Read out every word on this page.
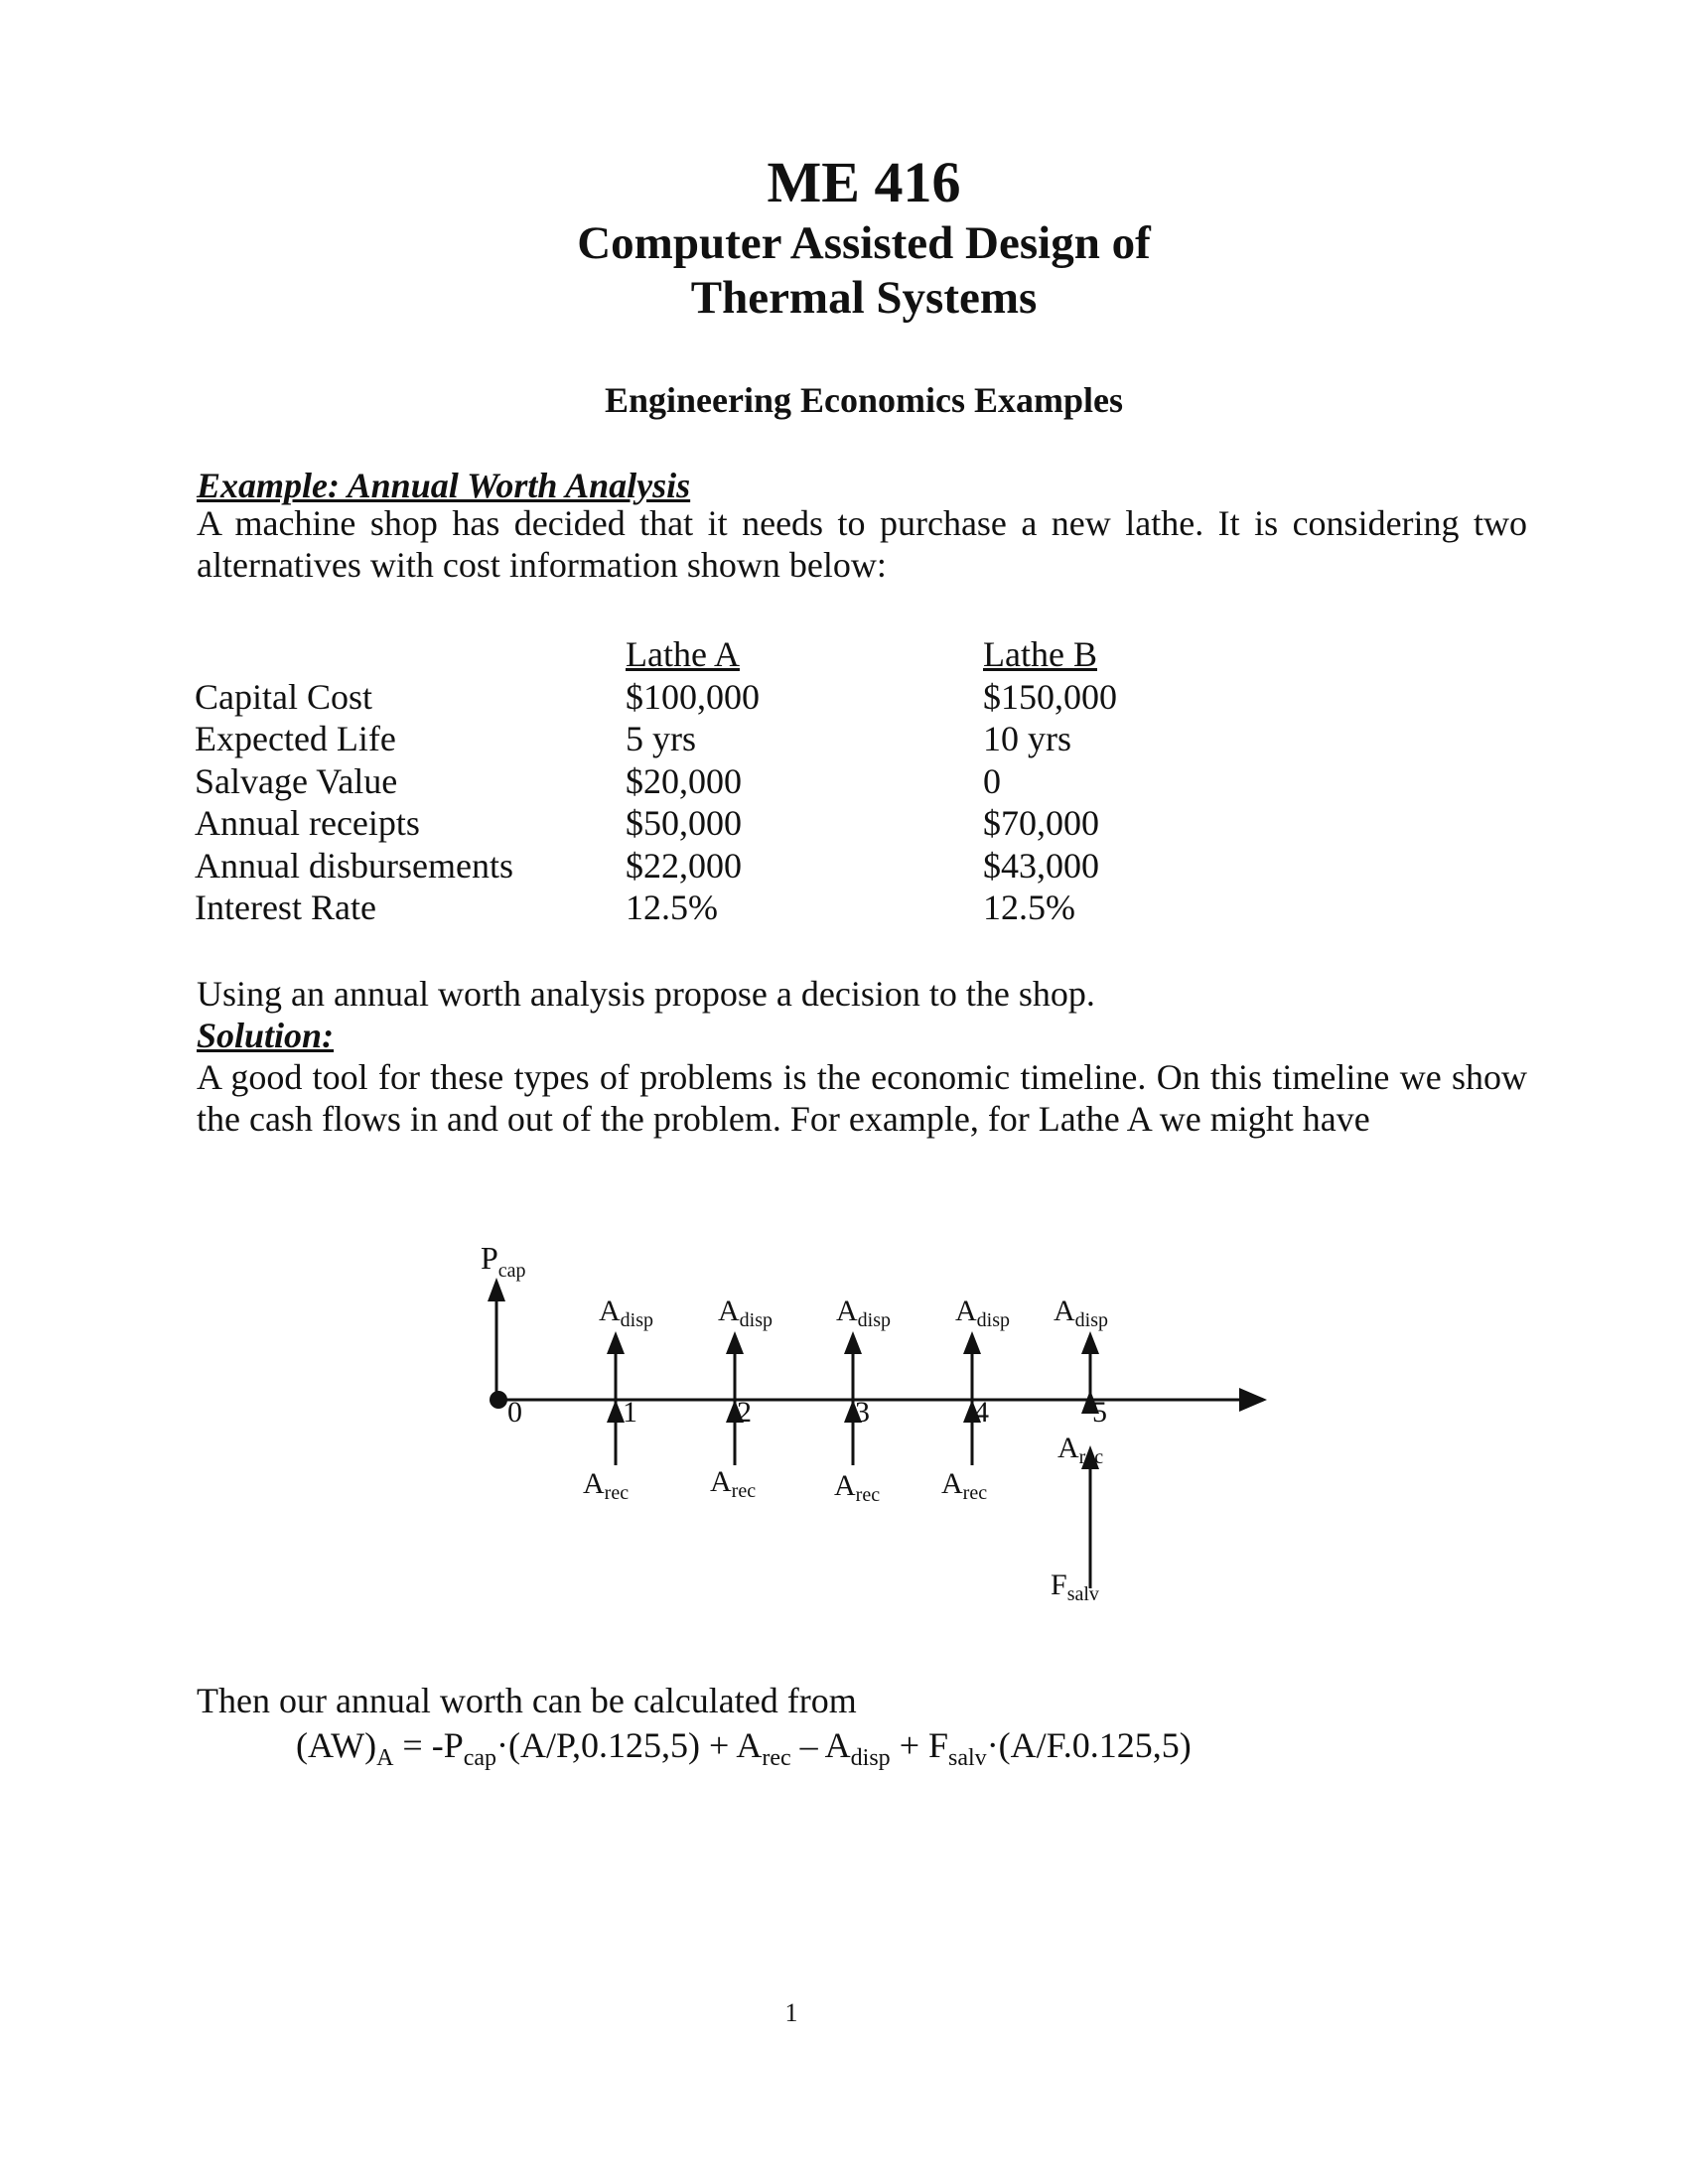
ME 416
Computer Assisted Design of
Thermal Systems
Engineering Economics Examples
Example: Annual Worth Analysis
A machine shop has decided that it needs to purchase a new lathe. It is considering two alternatives with cost information shown below:
	Lathe A	Lathe B
Capital Cost	$100,000	$150,000
Expected Life	5 yrs	10 yrs
Salvage Value	$20,000	0
Annual receipts	$50,000	$70,000
Annual disbursements	$22,000	$43,000
Interest Rate	12.5%	12.5%
Using an annual worth analysis propose a decision to the shop.
Solution:
A good tool for these types of problems is the economic timeline. On this timeline we show the cash flows in and out of the problem. For example, for Lathe A we might have
$P_{cap}$
0	1	2	3	4	5
$A_{disp}$ $A_{disp}$ $A_{disp}$ $A_{disp}$ $A_{disp}$
$A_{rec}$	$A_{rec}$	$A_{rec}$ $A_{rec}$
$A_{rec}$
$F_{salv}$
Then our annual worth can be calculated from
$(AW)_A = -P_{cap}\cdot(A/P,0.125,5) + A_{rec} - A_{disp} + F_{salv}\cdot(A/F.0.125,5)$
1
